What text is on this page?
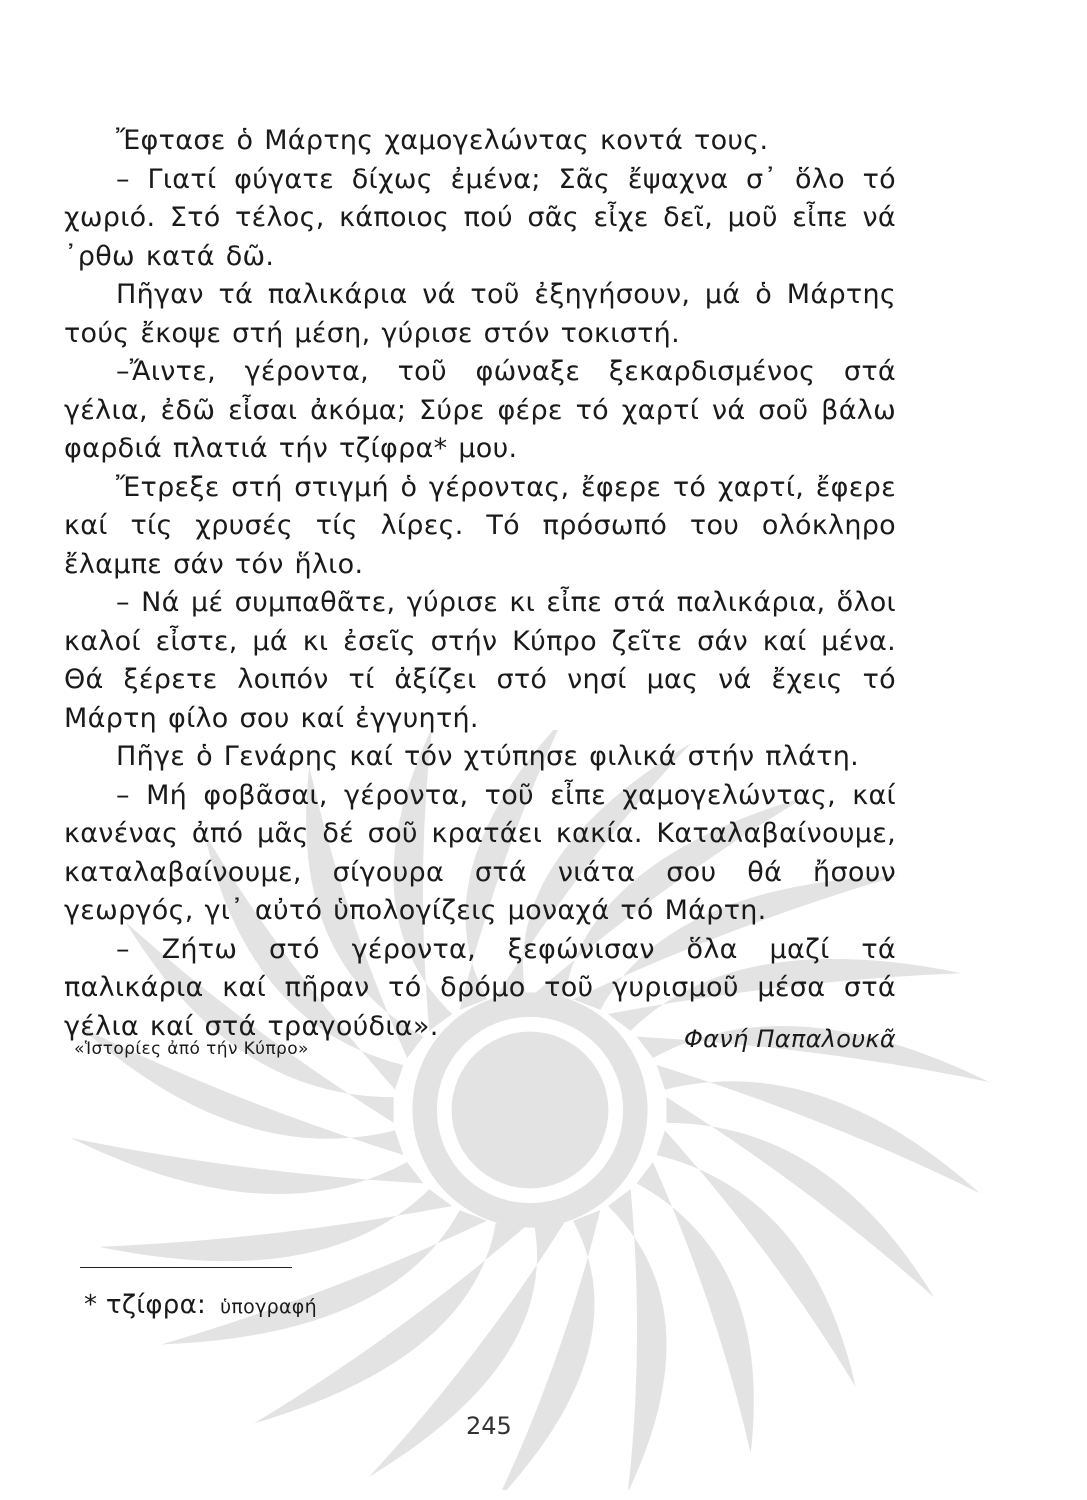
Ἔφτασε ὁ Μάρτης χαμογελώντας κοντά τους.

– Γιατί φύγατε δίχως ἐμένα; Σᾶς ἔψαχνα σ᾽ ὅλο τό χωριό. Στό τέλος, κάποιος πού σᾶς εἶχε δεῖ, μοῦ εἶπε νά ᾽ρθω κατά δῶ.

Πῆγαν τά παλικάρια νά τοῦ ἐξηγήσουν, μά ὁ Μάρτης τούς ἔκοψε στή μέση, γύρισε στόν τοκιστή.

–Ἄιντε, γέροντα, τοῦ φώναξε ξεκαρδισμένος στά γέλια, ἐδῶ εἶσαι ἀκόμα; Σύρε φέρε τό χαρτί νά σοῦ βάλω φαρδιά πλατιά τήν τζίφρα* μου.

Ἔτρεξε στή στιγμή ὁ γέροντας, ἔφερε τό χαρτί, ἔφερε καί τίς χρυσές τίς λίρες. Τό πρόσωπό του ολόκληρο ἔλαμπε σάν τόν ἥλιο.

– Νά μέ συμπαθᾶτε, γύρισε κι εἶπε στά παλικάρια, ὅλοι καλοί εἶστε, μά κι ἐσεῖς στήν Κύπρο ζεῖτε σάν καί μένα. Θά ξέρετε λοιπόν τί ἀξίζει στό νησί μας νά ἔχεις τό Μάρτη φίλο σου καί ἐγγυητή.

Πῆγε ὁ Γενάρης καί τόν χτύπησε φιλικά στήν πλάτη.

– Μή φοβᾶσαι, γέροντα, τοῦ εἶπε χαμογελώντας, καί κανένας ἀπό μᾶς δέ σοῦ κρατάει κακία. Καταλαβαίνουμε, καταλαβαίνουμε, σίγουρα στά νιάτα σου θά ἤσουν γεωργός, γι᾽ αὐτό ὑπολογίζεις μοναχά τό Μάρτη.

– Ζήτω στό γέροντα, ξεφώνισαν ὅλα μαζί τά παλικάρια καί πῆραν τό δρόμο τοῦ γυρισμοῦ μέσα στά γέλια καί στά τραγούδια».

«Ἱστορίες ἀπό τήν Κύπρο»	Φανή Παπαλουκᾶ
* τζίφρα: ὑπογραφή
245
